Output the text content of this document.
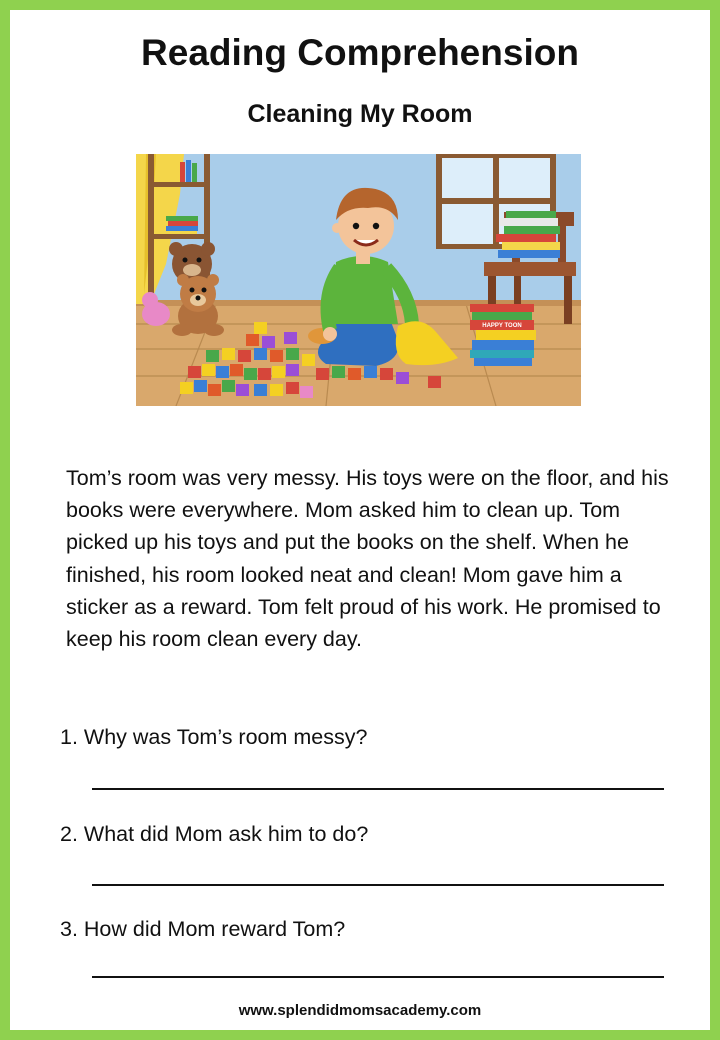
Reading Comprehension
Cleaning My Room
HAPPY TOON

Tom’s room was very messy. His toys were on the floor, and his books were everywhere. Mom asked him to clean up. Tom picked up his toys and put the books on the shelf. When he finished, his room looked neat and clean! Mom gave him a sticker as a reward. Tom felt proud of his work. He promised to keep his room clean every day.

1. Why was Tom’s room messy?

2. What did Mom ask him to do?

3. How did Mom reward Tom?

www.splendidmomsacademy.com
